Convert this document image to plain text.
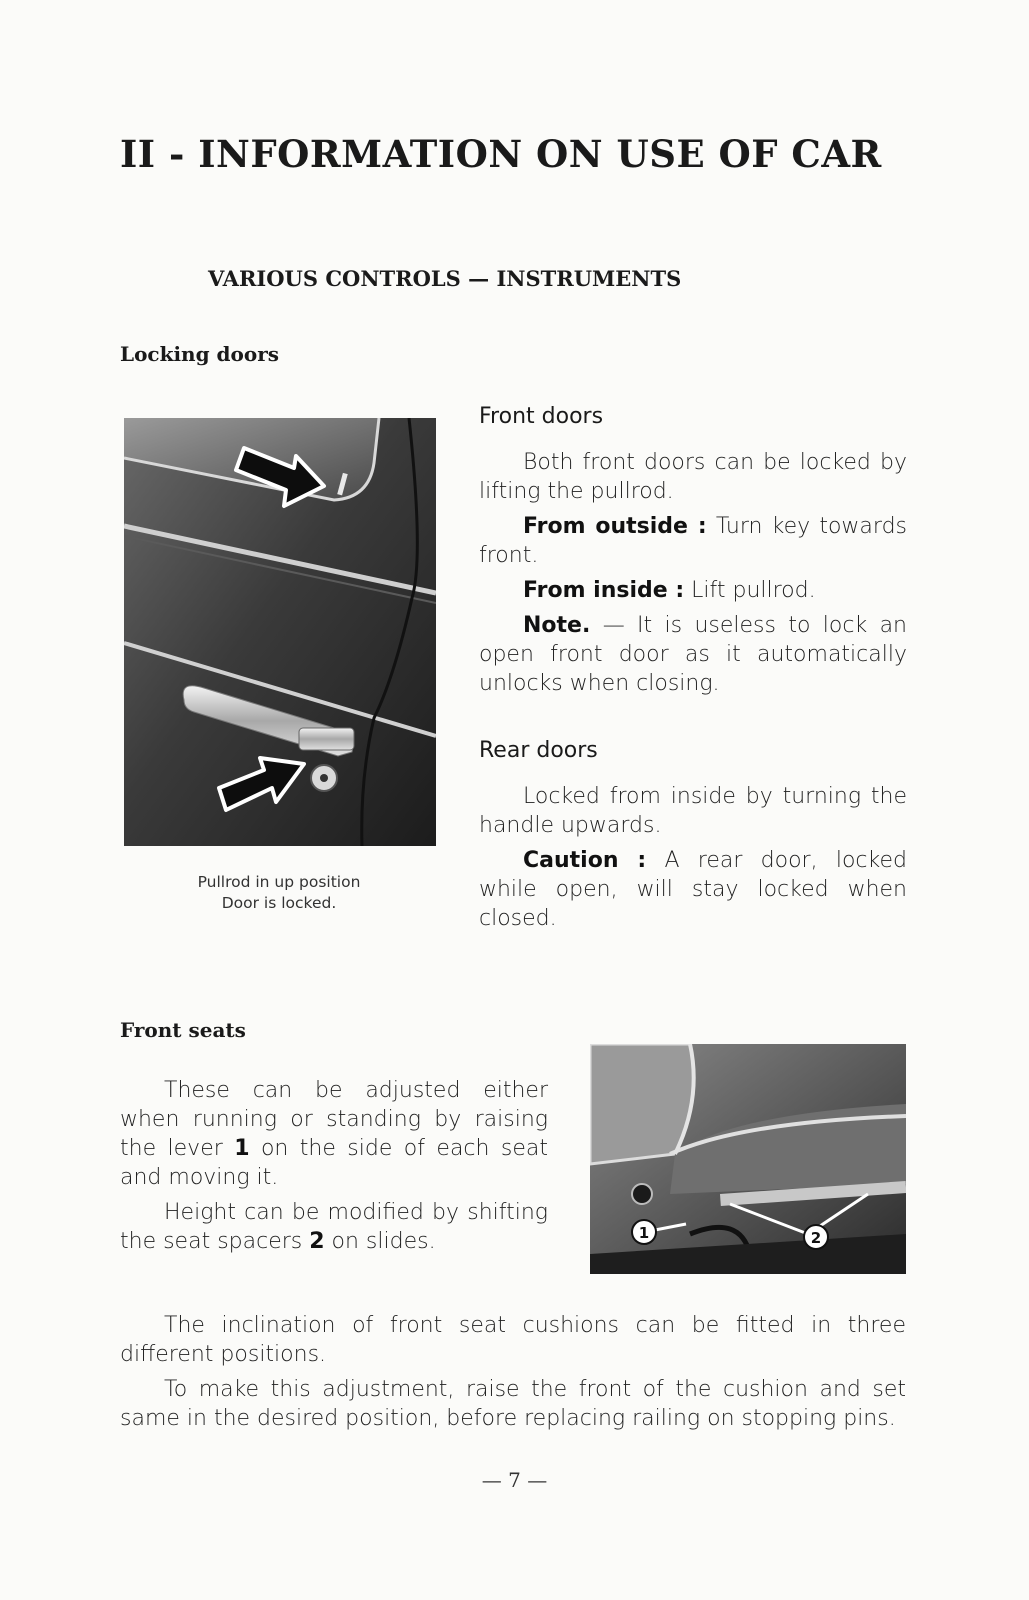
II - INFORMATION ON USE OF CAR
VARIOUS CONTROLS — INSTRUMENTS
Locking doors
Pullrod in up position
Door is locked.
Front doors

Both front doors can be locked by lifting the pullrod.

From outside : Turn key towards front.

From inside : Lift pullrod.

Note. — It is useless to lock an open front door as it automatically unlocks when closing.

Rear doors

Locked from inside by turning the handle upwards.

Caution : A rear door, locked while open, will stay locked when closed.

Front seats

These can be adjusted either when running or standing by raising the lever 1 on the side of each seat and moving it.

Height can be modified by shifting the seat spacers 2 on slides.	1	2

The inclination of front seat cushions can be fitted in three different positions.

To make this adjustment, raise the front of the cushion and set same in the desired position, before replacing railing on stopping pins.

— 7 —
